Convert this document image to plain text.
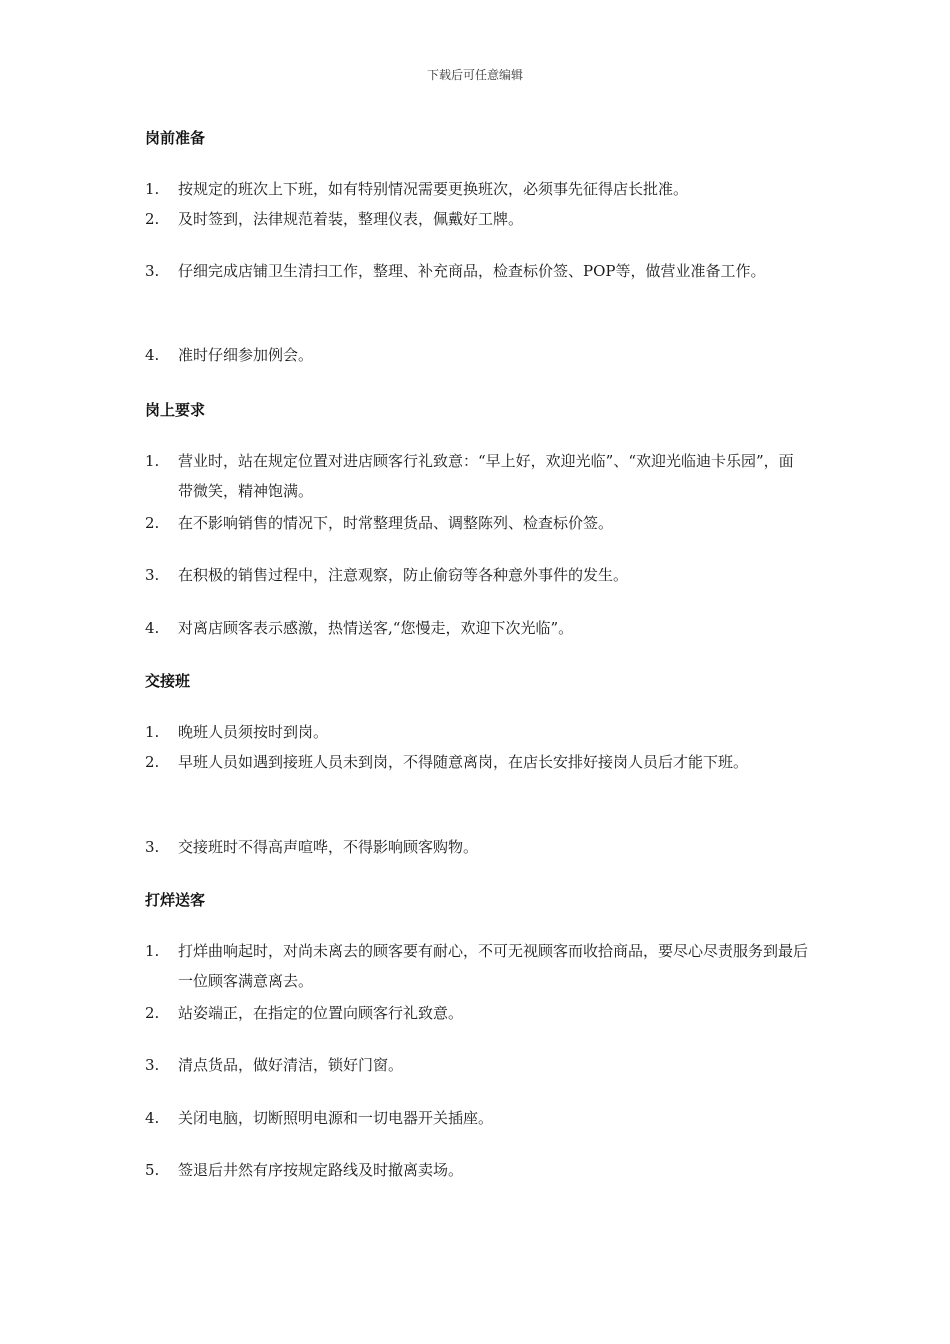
下载后可任意编辑
岗前准备
1.	按规定的班次上下班，如有特别情况需要更换班次，必须事先征得店长批准。
2.	及时签到，法律规范着装，整理仪表，佩戴好工牌。
3.	仔细完成店铺卫生清扫工作，整理、补充商品，检查标价签、POP等，做营业准备工作。
4.	准时仔细参加例会。
岗上要求
1.	营业时，站在规定位置对进店顾客行礼致意：“早上好，欢迎光临”、“欢迎光临迪卡乐园”，面带微笑，精神饱满。
2.	在不影响销售的情况下，时常整理货品、调整陈列、检查标价签。
3.	在积极的销售过程中，注意观察，防止偷窃等各种意外事件的发生。
4.	对离店顾客表示感激，热情送客,“您慢走，欢迎下次光临”。
交接班
1.	晚班人员须按时到岗。
2.	早班人员如遇到接班人员未到岗，不得随意离岗，在店长安排好接岗人员后才能下班。
3.	交接班时不得高声喧哗，不得影响顾客购物。
打烊送客
1.	打烊曲响起时，对尚未离去的顾客要有耐心，不可无视顾客而收拾商品，要尽心尽责服务到最后一位顾客满意离去。
2.	站姿端正，在指定的位置向顾客行礼致意。
3.	清点货品，做好清洁，锁好门窗。
4.	关闭电脑，切断照明电源和一切电器开关插座。
5.	签退后井然有序按规定路线及时撤离卖场。
